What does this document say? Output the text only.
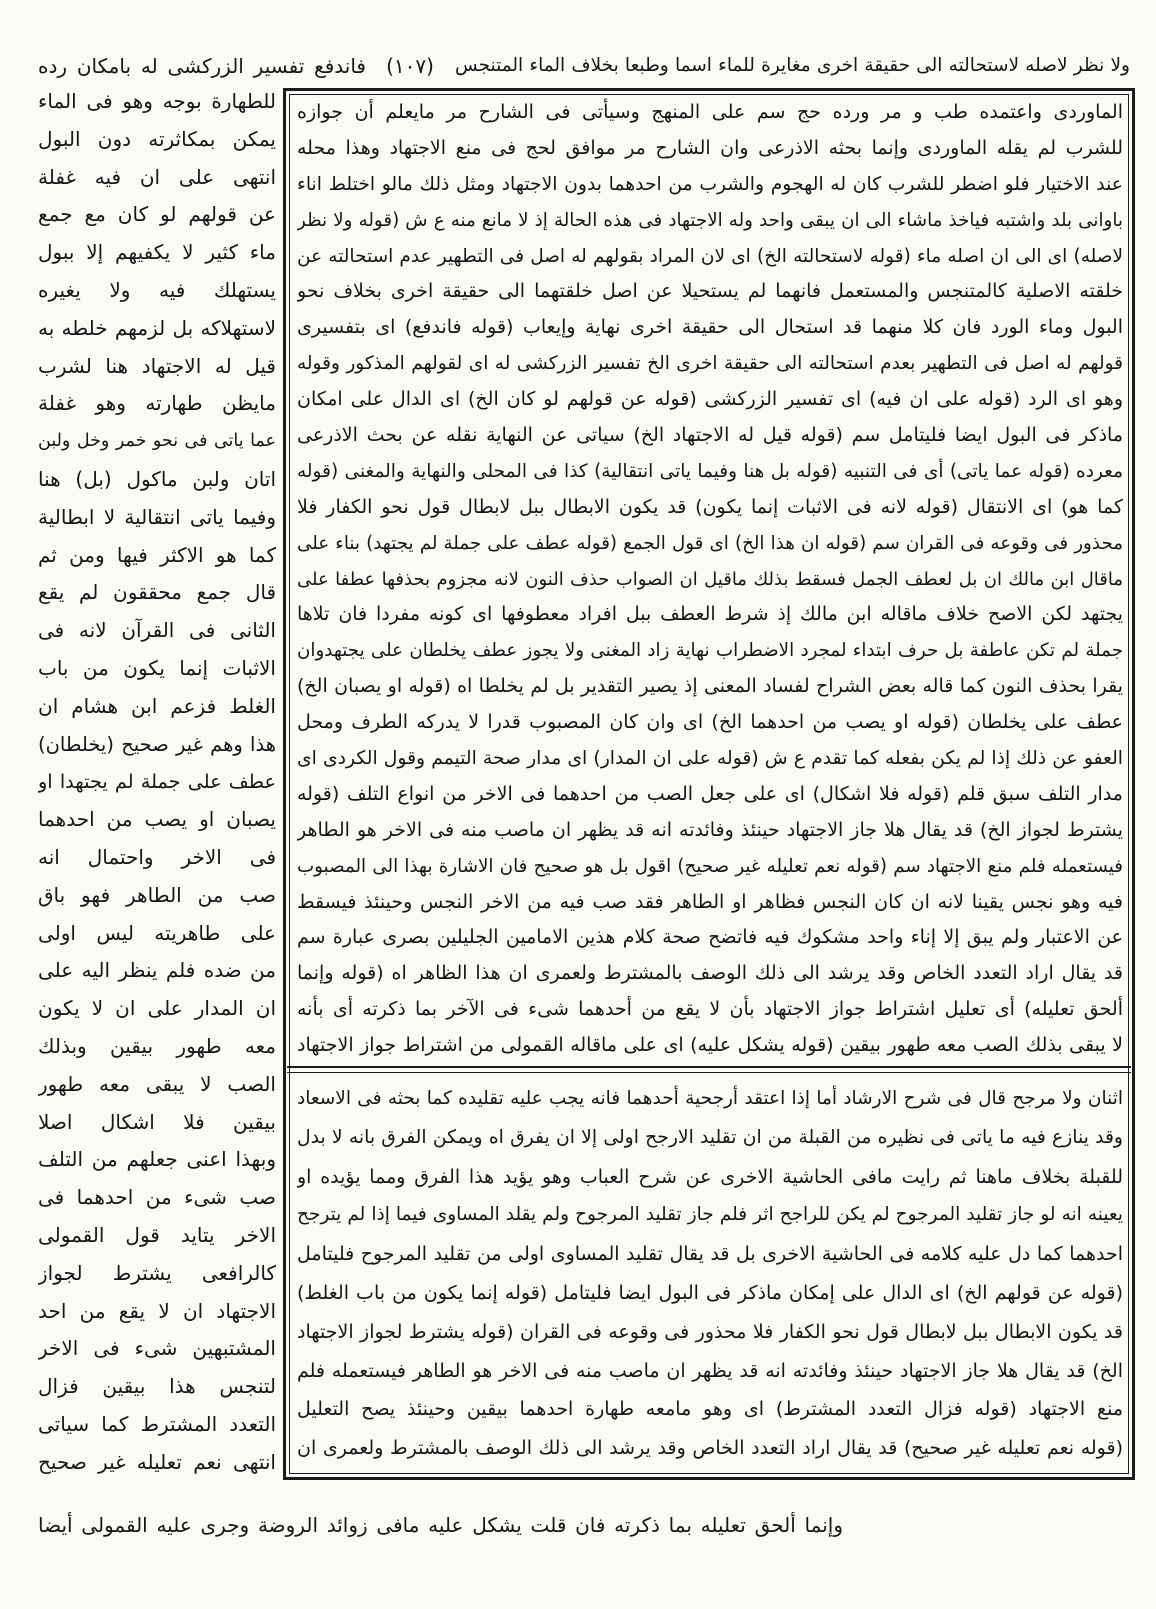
ولا نظر لاصله لاستحالته الى حقيقة اخرى مغايرة للماء اسما وطبعا بخلاف الماء المتنجس
(١٠٧)
فاندفع تفسير الزركشى له بامكان رده
للطهارة بوجه وهو فى الماء
يمكن بمكاثرته دون البول
انتهى على ان فيه غفلة
عن قولهم لو كان مع جمع
ماء كثير لا يكفيهم إلا ببول
يستهلك فيه ولا يغيره
لاستهلاكه بل لزمهم خلطه به
قيل له الاجتهاد هنا لشرب
مايظن طهارته وهو غفلة
عما ياتى فى نحو خمر وخل ولبن
اتان ولبن ماكول (بل) هنا
وفيما ياتى انتقالية لا ابطالية
كما هو الاكثر فيها ومن ثم
قال جمع محققون لم يقع
الثانى فى القرآن لانه فى
الاثبات إنما يكون من باب
الغلط فزعم ابن هشام ان
هذا وهم غير صحيح (يخلطان)
عطف على جملة لم يجتهدا او
يصبان او يصب من احدهما
فى الاخر واحتمال انه
صب من الطاهر فهو باق
على طاهريته ليس اولى
من ضده فلم ينظر اليه على
ان المدار على ان لا يكون
معه طهور بيقين وبذلك
الصب لا يبقى معه طهور
بيقين فلا اشكال اصلا
وبهذا اعنى جعلهم من التلف
صب شىء من احدهما فى
الاخر يتايد قول القمولى
كالرافعى يشترط لجواز
الاجتهاد ان لا يقع من احد
المشتبهين شىء فى الاخر
لتنجس هذا بيقين فزال
التعدد المشترط كما سياتى
انتهى نعم تعليله غير صحيح
الماوردى واعتمده طب و مر ورده حج سم على المنهج وسيأتى فى الشارح مر مايعلم أن جوازه
للشرب لم يقله الماوردى وإنما بحثه الاذرعى وان الشارح مر موافق لحج فى منع الاجتهاد وهذا محله
عند الاختيار فلو اضطر للشرب كان له الهجوم والشرب من احدهما بدون الاجتهاد ومثل ذلك مالو اختلط اناء
باوانى بلد واشتبه فياخذ ماشاء الى ان يبقى واحد وله الاجتهاد فى هذه الحالة إذ لا مانع منه ع ش (قوله ولا نظر
لاصله) اى الى ان اصله ماء (قوله لاستحالته الخ) اى لان المراد بقولهم له اصل فى التطهير عدم استحالته عن
خلقته الاصلية كالمتنجس والمستعمل فانهما لم يستحيلا عن اصل خلقتهما الى حقيقة اخرى بخلاف نحو
البول وماء الورد فان كلا منهما قد استحال الى حقيقة اخرى نهاية وإيعاب (قوله فاندفع) اى بتفسيرى
قولهم له اصل فى التطهير بعدم استحالته الى حقيقة اخرى الخ تفسير الزركشى له اى لقولهم المذكور وقوله
وهو اى الرد (قوله على ان فيه) اى تفسير الزركشى (قوله عن قولهم لو كان الخ) اى الدال على امكان
ماذكر فى البول ايضا فليتامل سم (قوله قيل له الاجتهاد الخ) سياتى عن النهاية نقله عن بحث الاذرعى
معرده (قوله عما ياتى) أى فى التنبيه (قوله بل هنا وفيما ياتى انتقالية) كذا فى المحلى والنهاية والمغنى (قوله
كما هو) اى الانتقال (قوله لانه فى الاثبات إنما يكون) قد يكون الابطال ببل لابطال قول نحو الكفار فلا
محذور فى وقوعه فى القران سم (قوله ان هذا الخ) اى قول الجمع (قوله عطف على جملة لم يجتهد) بناء على
ماقال ابن مالك ان بل لعطف الجمل فسقط بذلك ماقيل ان الصواب حذف النون لانه مجزوم بحذفها عطفا على
يجتهد لكن الاصح خلاف ماقاله ابن مالك إذ شرط العطف ببل افراد معطوفها اى كونه مفردا فان تلاها
جملة لم تكن عاطفة بل حرف ابتداء لمجرد الاضطراب نهاية زاد المغنى ولا يجوز عطف يخلطان على يجتهدوان
يقرا بحذف النون كما قاله بعض الشراح لفساد المعنى إذ يصير التقدير بل لم يخلطا اه (قوله او يصبان الخ)
عطف على يخلطان (قوله او يصب من احدهما الخ) اى وان كان المصبوب قدرا لا يدركه الطرف ومحل
العفو عن ذلك إذا لم يكن بفعله كما تقدم ع ش (قوله على ان المدار) اى مدار صحة التيمم وقول الكردى اى
مدار التلف سبق قلم (قوله فلا اشكال) اى على جعل الصب من احدهما فى الاخر من انواع التلف (قوله
يشترط لجواز الخ) قد يقال هلا جاز الاجتهاد حينئذ وفائدته انه قد يظهر ان ماصب منه فى الاخر هو الطاهر
فيستعمله فلم منع الاجتهاد سم (قوله نعم تعليله غير صحيح) اقول بل هو صحيح فان الاشارة بهذا الى المصبوب
فيه وهو نجس يقينا لانه ان كان النجس فظاهر او الطاهر فقد صب فيه من الاخر النجس وحينئذ فيسقط
عن الاعتبار ولم يبق إلا إناء واحد مشكوك فيه فاتضح صحة كلام هذين الامامين الجليلين بصرى عبارة سم
قد يقال اراد التعدد الخاص وقد يرشد الى ذلك الوصف بالمشترط ولعمرى ان هذا الظاهر اه (قوله وإنما
ألحق تعليله) أى تعليل اشتراط جواز الاجتهاد بأن لا يقع من أحدهما شىء فى الآخر بما ذكرته أى بأنه
لا يبقى بذلك الصب معه طهور بيقين (قوله يشكل عليه) اى على ماقاله القمولى من اشتراط جواز الاجتهاد
اثنان ولا مرجح قال فى شرح الارشاد أما إذا اعتقد أرجحية أحدهما فانه يجب عليه تقليده كما بحثه فى الاسعاد
وقد ينازع فيه ما ياتى فى نظيره من القبلة من ان تقليد الارجح اولى إلا ان يفرق اه ويمكن الفرق بانه لا بدل
للقبلة بخلاف ماهنا ثم رايت مافى الحاشية الاخرى عن شرح العباب وهو يؤيد هذا الفرق ومما يؤيده او
يعينه انه لو جاز تقليد المرجوح لم يكن للراجح اثر فلم جاز تقليد المرجوح ولم يقلد المساوى فيما إذا لم يترجح
احدهما كما دل عليه كلامه فى الحاشية الاخرى بل قد يقال تقليد المساوى اولى من تقليد المرجوح فليتامل
(قوله عن قولهم الخ) اى الدال على إمكان ماذكر فى البول ايضا فليتامل (قوله إنما يكون من باب الغلط)
قد يكون الابطال ببل لابطال قول نحو الكفار فلا محذور فى وقوعه فى القران (قوله يشترط لجواز الاجتهاد
الخ) قد يقال هلا جاز الاجتهاد حينئذ وفائدته انه قد يظهر ان ماصب منه فى الاخر هو الطاهر فيستعمله فلم
منع الاجتهاد (قوله فزال التعدد المشترط) اى وهو مامعه طهارة احدهما بيقين وحينئذ يصح التعليل
(قوله نعم تعليله غير صحيح) قد يقال اراد التعدد الخاص وقد يرشد الى ذلك الوصف بالمشترط ولعمرى ان
وإنما ألحق تعليله بما ذكرته فان قلت يشكل عليه مافى زوائد الروضة وجرى عليه القمولى أيضا
